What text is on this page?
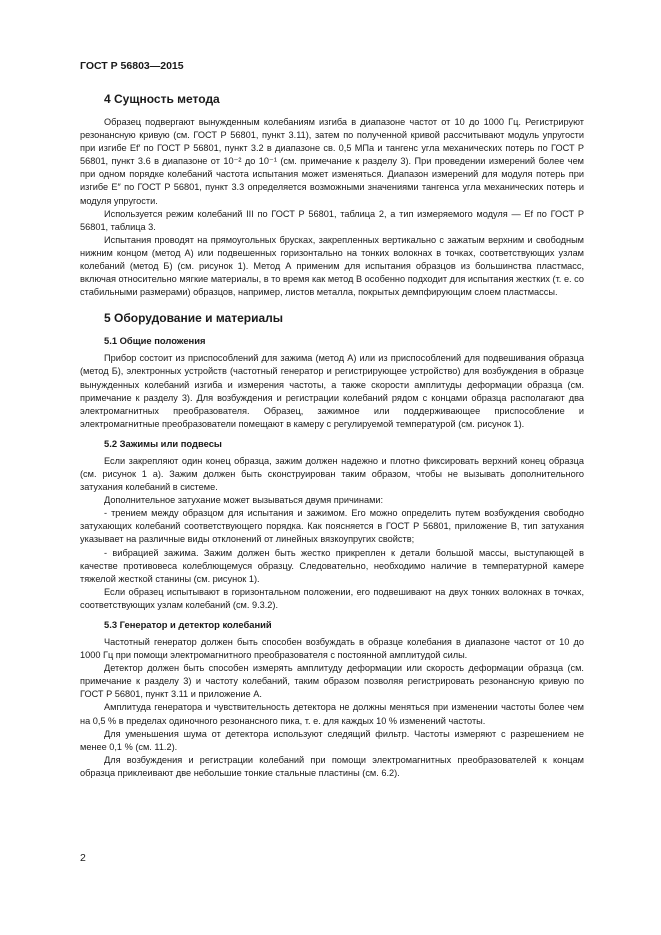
ГОСТ Р 56803—2015
4 Сущность метода

Образец подвергают вынужденным колебаниям изгиба в диапазоне частот от 10 до 1000 Гц. Регистрируют резонансную кривую (см. ГОСТ Р 56801, пункт 3.11), затем по полученной кривой рассчитывают модуль упругости при изгибе Ef′ по ГОСТ Р 56801, пункт 3.2 в диапазоне св. 0,5 МПа и тангенс угла механических потерь по ГОСТ Р 56801, пункт 3.6 в диапазоне от 10⁻² до 10⁻¹ (см. примечание к разделу 3). При проведении измерений более чем при одном порядке колебаний частота испытания может изменяться. Диапазон измерений для модуля потерь при изгибе E″ по ГОСТ Р 56801, пункт 3.3 определяется возможными значениями тангенса угла механических потерь и модуля упругости.

Используется режим колебаний III по ГОСТ Р 56801, таблица 2, а тип измеряемого модуля — Ef по ГОСТ Р 56801, таблица 3.

Испытания проводят на прямоугольных брусках, закрепленных вертикально с зажатым верхним и свободным нижним концом (метод А) или подвешенных горизонтально на тонких волокнах в точках, соответствующих узлам колебаний (метод Б) (см. рисунок 1). Метод А применим для испытания образцов из большинства пластмасс, включая относительно мягкие материалы, в то время как метод В особенно подходит для испытания жестких (т. е. со стабильными размерами) образцов, например, листов металла, покрытых демпфирующим слоем пластмассы.

5 Оборудование и материалы
5.1 Общие положения

Прибор состоит из приспособлений для зажима (метод А) или из приспособлений для подвешивания образца (метод Б), электронных устройств (частотный генератор и регистрирующее устройство) для возбуждения в образце вынужденных колебаний изгиба и измерения частоты, а также скорости амплитуды деформации образца (см. примечание к разделу 3). Для возбуждения и регистрации колебаний рядом с концами образца располагают два электромагнитных преобразователя. Образец, зажимное или поддерживающее приспособление и электромагнитные преобразователи помещают в камеру с регулируемой температурой (см. рисунок 1).

5.2 Зажимы или подвесы

Если закрепляют один конец образца, зажим должен надежно и плотно фиксировать верхний конец образца (см. рисунок 1 а). Зажим должен быть сконструирован таким образом, чтобы не вызывать дополнительного затухания колебаний в системе.

Дополнительное затухание может вызываться двумя причинами:

- трением между образцом для испытания и зажимом. Его можно определить путем возбуждения свободно затухающих колебаний соответствующего порядка. Как поясняется в ГОСТ Р 56801, приложение В, тип затухания указывает на различные виды отклонений от линейных вязкоупругих свойств;

- вибрацией зажима. Зажим должен быть жестко прикреплен к детали большой массы, выступающей в качестве противовеса колеблющемуся образцу. Следовательно, необходимо наличие в температурной камере тяжелой жесткой станины (см. рисунок 1).

Если образец испытывают в горизонтальном положении, его подвешивают на двух тонких волокнах в точках, соответствующих узлам колебаний (см. 9.3.2).

5.3 Генератор и детектор колебаний

Частотный генератор должен быть способен возбуждать в образце колебания в диапазоне частот от 10 до 1000 Гц при помощи электромагнитного преобразователя с постоянной амплитудой силы.

Детектор должен быть способен измерять амплитуду деформации или скорость деформации образца (см. примечание к разделу 3) и частоту колебаний, таким образом позволяя регистрировать резонансную кривую по ГОСТ Р 56801, пункт 3.11 и приложение А.

Амплитуда генератора и чувствительность детектора не должны меняться при изменении частоты более чем на 0,5 % в пределах одиночного резонансного пика, т. е. для каждых 10 % изменений частоты.

Для уменьшения шума от детектора используют следящий фильтр. Частоты измеряют с разрешением не менее 0,1 % (см. 11.2).

Для возбуждения и регистрации колебаний при помощи электромагнитных преобразователей к концам образца приклеивают две небольшие тонкие стальные пластины (см. 6.2).

2
